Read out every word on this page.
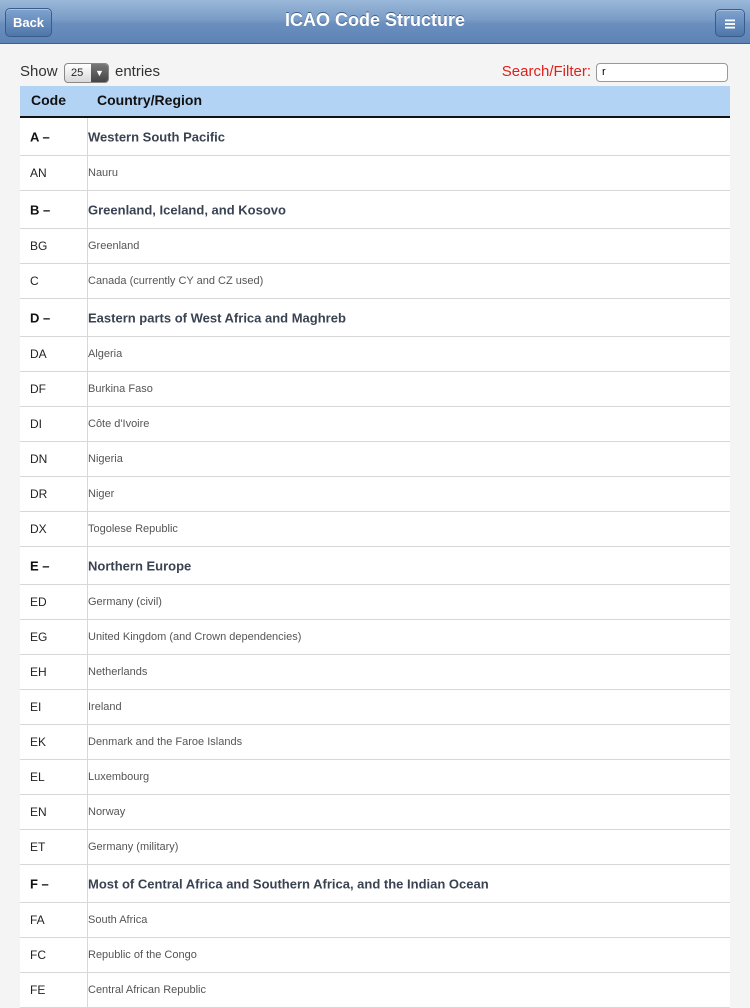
ICAO Code Structure
Back
Show 25	▼ entries	Search/Filter:
r
Code Country/Region
A –	Western South Pacific
AN	Nauru
B –	Greenland, Iceland, and Kosovo
BG	Greenland
C	Canada (currently CY and CZ used)
D –	Eastern parts of West Africa and Maghreb
DA	Algeria
DF	Burkina Faso
DI	Côte d'Ivoire
DN	Nigeria
DR	Niger
DX	Togolese Republic
E –	Northern Europe
ED	Germany (civil)
EG	United Kingdom (and Crown dependencies)
EH	Netherlands
EI	Ireland
EK	Denmark and the Faroe Islands
EL	Luxembourg
EN	Norway
ET	Germany (military)
F –	Most of Central Africa and Southern Africa, and the Indian Ocean
FA	South Africa
FC	Republic of the Congo
FE	Central African Republic
